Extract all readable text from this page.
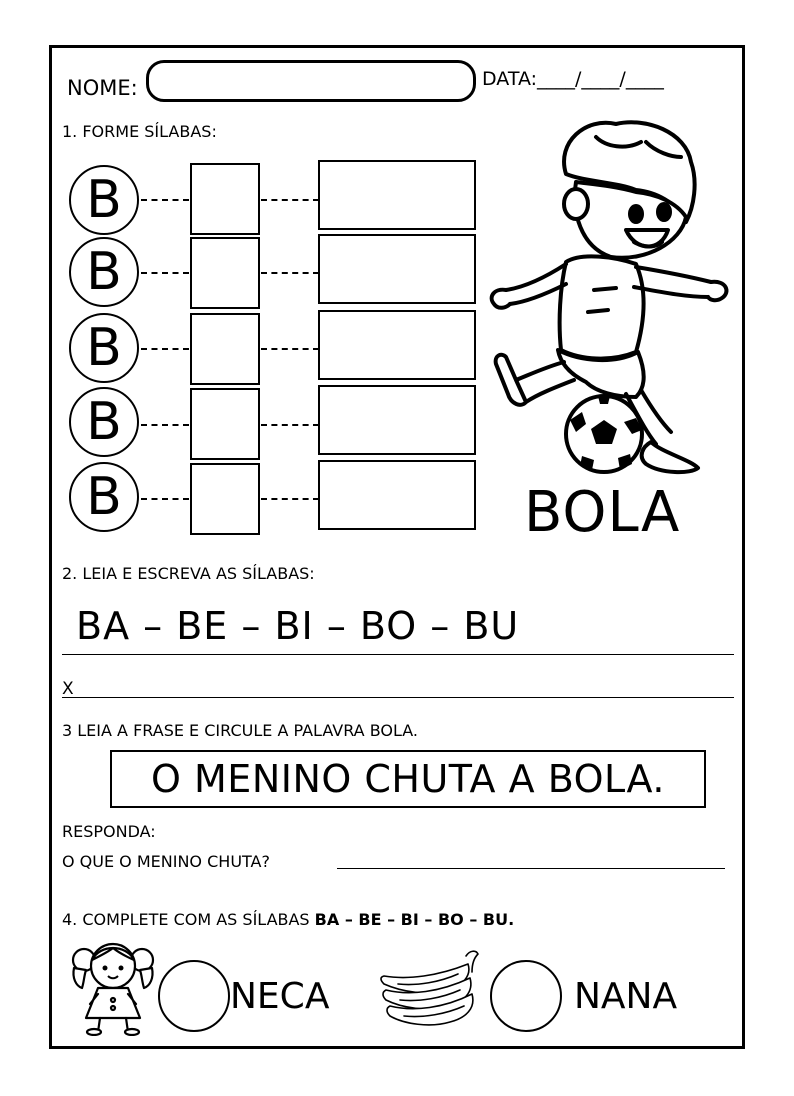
NOME:	DATA:____/____/____
1. FORME SÍLABAS:
B
B
B
B
B	BOLA
2. LEIA E ESCREVA AS SÍLABAS:
BA – BE – BI – BO – BU
X
3 LEIA A FRASE E CIRCULE A PALAVRA BOLA.
O MENINO CHUTA A BOLA.
RESPONDA:
O QUE O MENINO CHUTA?
4. COMPLETE COM AS SÍLABAS BA – BE – BI – BO – BU.
NECA	NANA
